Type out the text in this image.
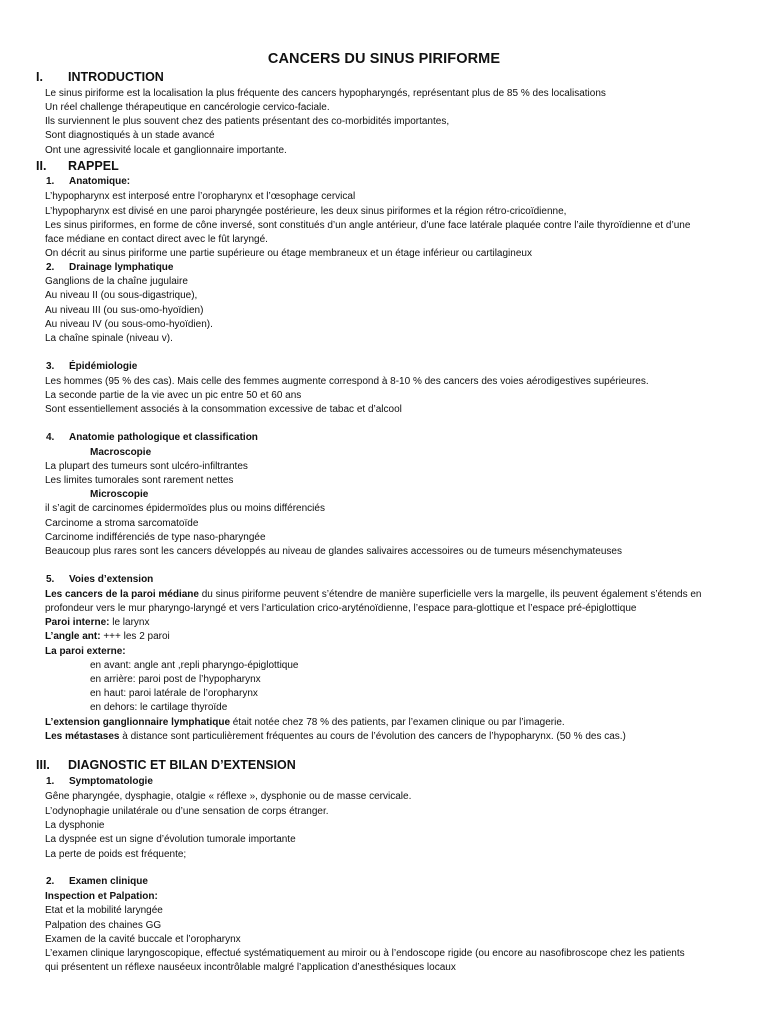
CANCERS DU SINUS PIRIFORME
I. INTRODUCTION
Le sinus piriforme est la localisation la plus fréquente des cancers hypopharyngés, représentant plus de 85 % des localisations
Un réel challenge thérapeutique en cancérologie cervico-faciale.
Ils surviennent le plus souvent chez des patients présentant des co-morbidités importantes,
Sont diagnostiqués à un stade avancé
Ont une agressivité locale et ganglionnaire importante.
II. RAPPEL
1. Anatomique:
L’hypopharynx est interposé entre l’oropharynx et l’œsophage cervical
L’hypopharynx est divisé en une paroi pharyngée postérieure, les deux sinus piriformes et la région rétro-cricoïdienne,
Les sinus piriformes, en forme de cône inversé, sont constitués d’un angle antérieur, d’une face latérale plaquée contre l’aile thyroïdienne et d’une
face médiane en contact direct avec le fût laryngé.
On décrit au sinus piriforme une partie supérieure ou étage membraneux et un étage inférieur ou cartilagineux
2. Drainage lymphatique
Ganglions de la chaîne jugulaire
Au niveau II (ou sous-digastrique),
Au niveau III (ou sus-omo-hyoïdien)
Au niveau IV (ou sous-omo-hyoïdien).
La chaîne spinale (niveau v).
3. Épidémiologie
Les hommes (95 % des cas). Mais celle des femmes augmente correspond à 8-10 % des cancers des voies aérodigestives supérieures.
La seconde partie de la vie avec un pic entre 50 et 60 ans
Sont essentiellement associés à la consommation excessive de tabac et d’alcool
4. Anatomie pathologique et classification
Macroscopie
La plupart des tumeurs sont ulcéro-infiltrantes
Les limites tumorales sont rarement nettes
Microscopie
il s’agit de carcinomes épidermoïdes plus ou moins différenciés
Carcinome a stroma sarcomatoïde
Carcinome indifférenciés de type naso-pharyngée
Beaucoup plus rares sont les cancers développés au niveau de glandes salivaires accessoires ou de tumeurs mésenchymateuses
5. Voies d’extension
Les cancers de la paroi médiane du sinus piriforme peuvent s’étendre de manière superficielle vers la margelle, ils peuvent également s’étends en
profondeur vers le mur pharyngo-laryngé et vers l’articulation crico-aryténoïdienne, l’espace para-glottique et l’espace pré-épiglottique
Paroi interne: le larynx
L’angle ant: +++ les 2 paroi
La paroi externe:
en avant: angle ant ,repli pharyngo-épiglottique
en arrière: paroi post de l’hypopharynx
en haut: paroi latérale de l’oropharynx
en dehors: le cartilage thyroïde
L’extension ganglionnaire lymphatique était notée chez 78 % des patients, par l’examen clinique ou par l’imagerie.
Les métastases à distance sont particulièrement fréquentes au cours de l’évolution des cancers de l’hypopharynx. (50 % des cas.)
III. DIAGNOSTIC ET BILAN D’EXTENSION
1. Symptomatologie
Gêne pharyngée, dysphagie, otalgie « réflexe », dysphonie ou de masse cervicale.
L’odynophagie unilatérale ou d’une sensation de corps étranger.
La dysphonie
La dyspnée est un signe d’évolution tumorale importante
La perte de poids est fréquente;
2. Examen clinique
Inspection et Palpation:
Etat et la mobilité laryngée
Palpation des chaines GG
Examen de la cavité buccale et l’oropharynx
L’examen clinique laryngoscopique, effectué systématiquement au miroir ou à l’endoscope rigide (ou encore au nasofibroscope chez les patients
qui présentent un réflexe nauséeux incontrôlable malgré l’application d’anesthésiques locaux
